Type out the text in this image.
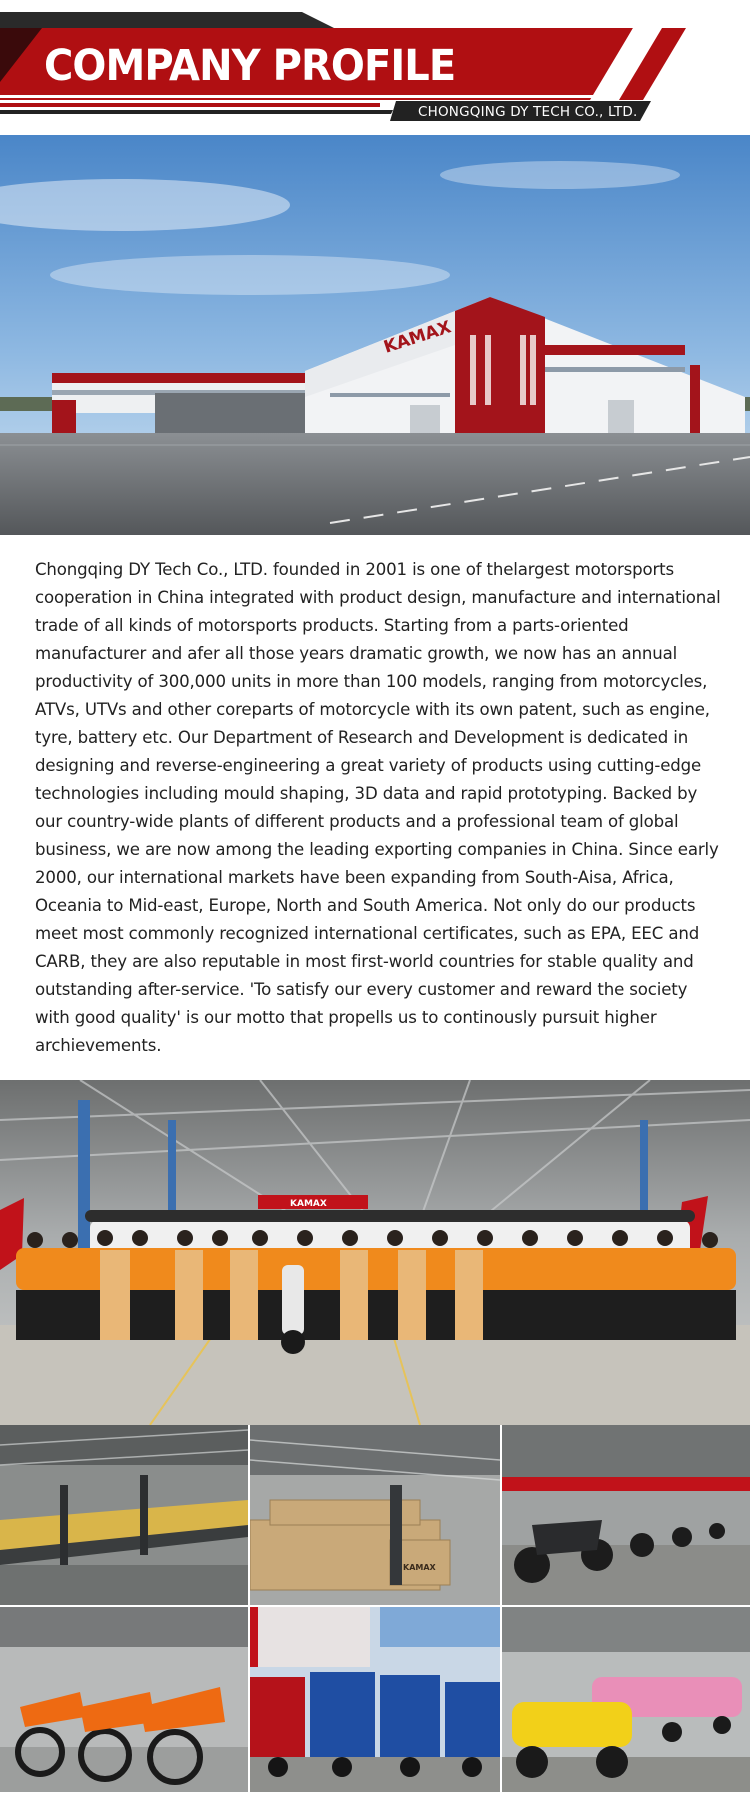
COMPANY PROFILE
CHONGQING DY TECH CO., LTD.
KAMAX

Chongqing DY Tech Co., LTD. founded in 2001 is one of thelargest motorsports cooperation in China integrated with product design, manufacture and international trade of all kinds of motorsports products. Starting from a parts-oriented manufacturer and afer all those years dramatic growth, we now has an annual productivity of 300,000 units in more than 100 models, ranging from motorcycles, ATVs, UTVs and other coreparts of motorcycle with its own patent, such as engine, tyre, battery etc. Our Department of Research and Development is dedicated in designing and reverse-engineering a great variety of products using cutting-edge technologies including mould shaping, 3D data and rapid prototyping. Backed by our country-wide plants of different products and a professional team of global business, we are now among the leading exporting companies in China. Since early 2000, our international markets have been expanding from South-Aisa, Africa, Oceania to Mid-east, Europe, North and South America. Not only do our products meet most commonly recognized international certificates, such as EPA, EEC and CARB, they are also reputable in most first-world countries for stable quality and outstanding after-service. 'To satisfy our every customer and reward the society with good quality' is our motto that propells us to continously pursuit higher archievements.

KAMAX
KAMAX
